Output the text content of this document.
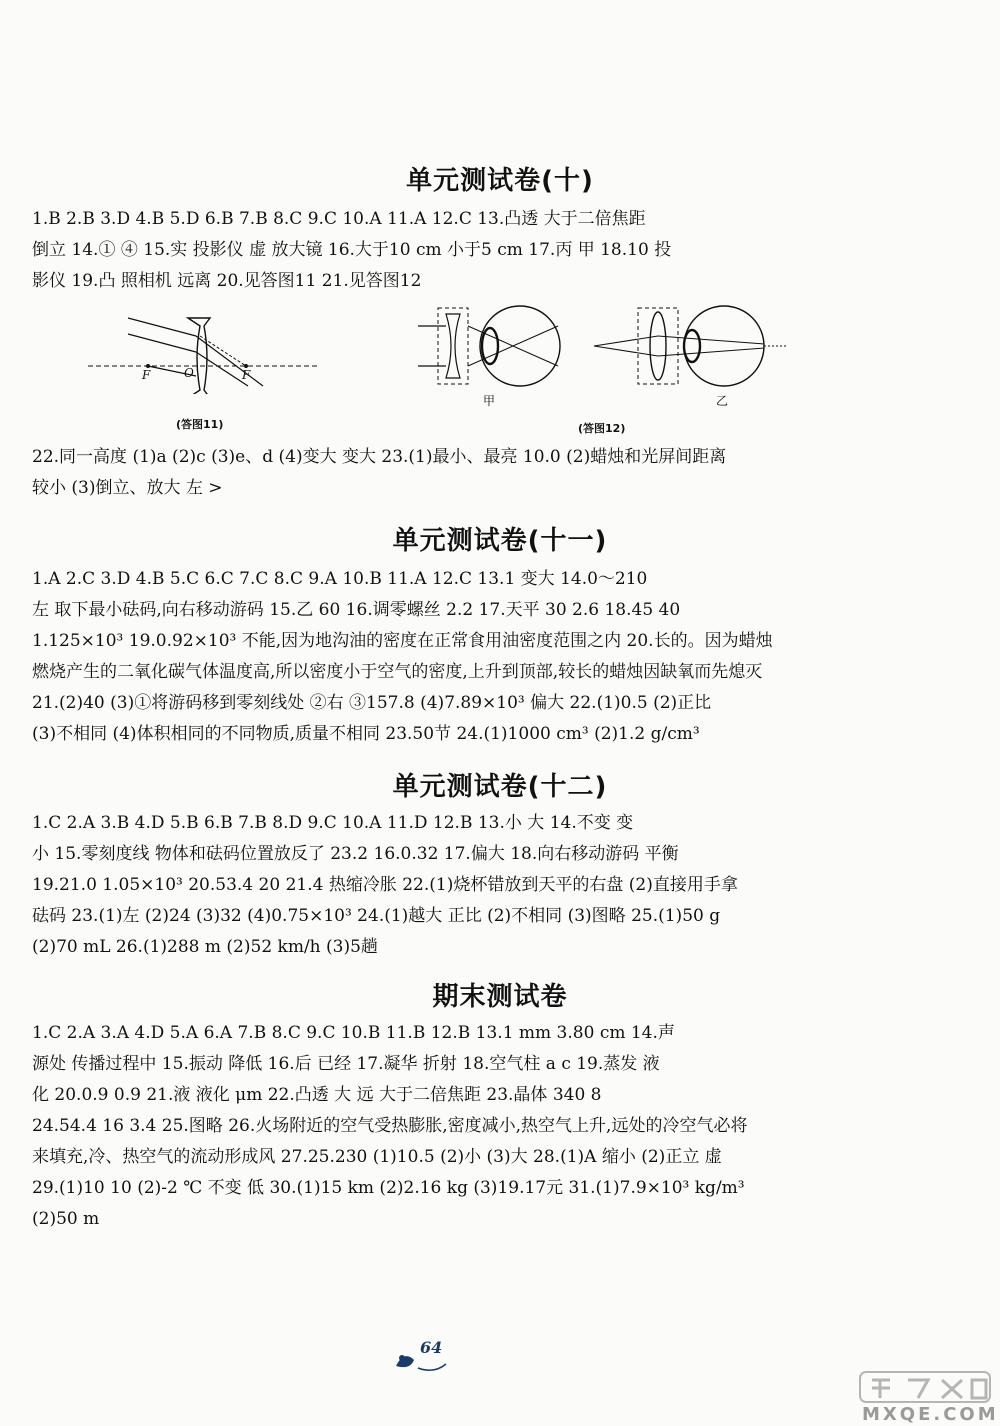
单元测试卷(十)
1.B 2.B 3.D 4.B 5.D 6.B 7.B 8.C 9.C 10.A 11.A 12.C 13.凸透 大于二倍焦距
倒立 14.① ④ 15.实 投影仪 虚 放大镜 16.大于10 cm 小于5 cm 17.丙 甲 18.10 投
影仪 19.凸 照相机 远离 20.见答图11 21.见答图12
F	O	F
(答图11)
甲	乙
(答图12)
22.同一高度 (1)a (2)c (3)e、d (4)变大 变大 23.(1)最小、最亮 10.0 (2)蜡烛和光屏间距离
较小 (3)倒立、放大 左 >
单元测试卷(十一)
1.A 2.C 3.D 4.B 5.C 6.C 7.C 8.C 9.A 10.B 11.A 12.C 13.1 变大 14.0～210
左 取下最小砝码,向右移动游码 15.乙 60 16.调零螺丝 2.2 17.天平 30 2.6 18.45 40
1.125×10³ 19.0.92×10³ 不能,因为地沟油的密度在正常食用油密度范围之内 20.长的。因为蜡烛
燃烧产生的二氧化碳气体温度高,所以密度小于空气的密度,上升到顶部,较长的蜡烛因缺氧而先熄灭
21.(2)40 (3)①将游码移到零刻线处 ②右 ③157.8 (4)7.89×10³ 偏大 22.(1)0.5 (2)正比
(3)不相同 (4)体积相同的不同物质,质量不相同 23.50节 24.(1)1000 cm³ (2)1.2 g/cm³
单元测试卷(十二)
1.C 2.A 3.B 4.D 5.B 6.B 7.B 8.D 9.C 10.A 11.D 12.B 13.小 大 14.不变 变
小 15.零刻度线 物体和砝码位置放反了 23.2 16.0.32 17.偏大 18.向右移动游码 平衡
19.21.0 1.05×10³ 20.53.4 20 21.4 热缩冷胀 22.(1)烧杯错放到天平的右盘 (2)直接用手拿
砝码 23.(1)左 (2)24 (3)32 (4)0.75×10³ 24.(1)越大 正比 (2)不相同 (3)图略 25.(1)50 g
(2)70 mL 26.(1)288 m (2)52 km/h (3)5趟
期末测试卷
1.C 2.A 3.A 4.D 5.A 6.A 7.B 8.C 9.C 10.B 11.B 12.B 13.1 mm 3.80 cm 14.声
源处 传播过程中 15.振动 降低 16.后 已经 17.凝华 折射 18.空气柱 a c 19.蒸发 液
化 20.0.9 0.9 21.液 液化 μm 22.凸透 大 远 大于二倍焦距 23.晶体 340 8
24.54.4 16 3.4 25.图略 26.火场附近的空气受热膨胀,密度减小,热空气上升,远处的冷空气必将
来填充,冷、热空气的流动形成风 27.25.230 (1)10.5 (2)小 (3)大 28.(1)A 缩小 (2)正立 虚
29.(1)10 10 (2)-2 ℃ 不变 低 30.(1)15 km (2)2.16 kg (3)19.17元 31.(1)7.9×10³ kg/m³
(2)50 m
64
MXQE.COM
